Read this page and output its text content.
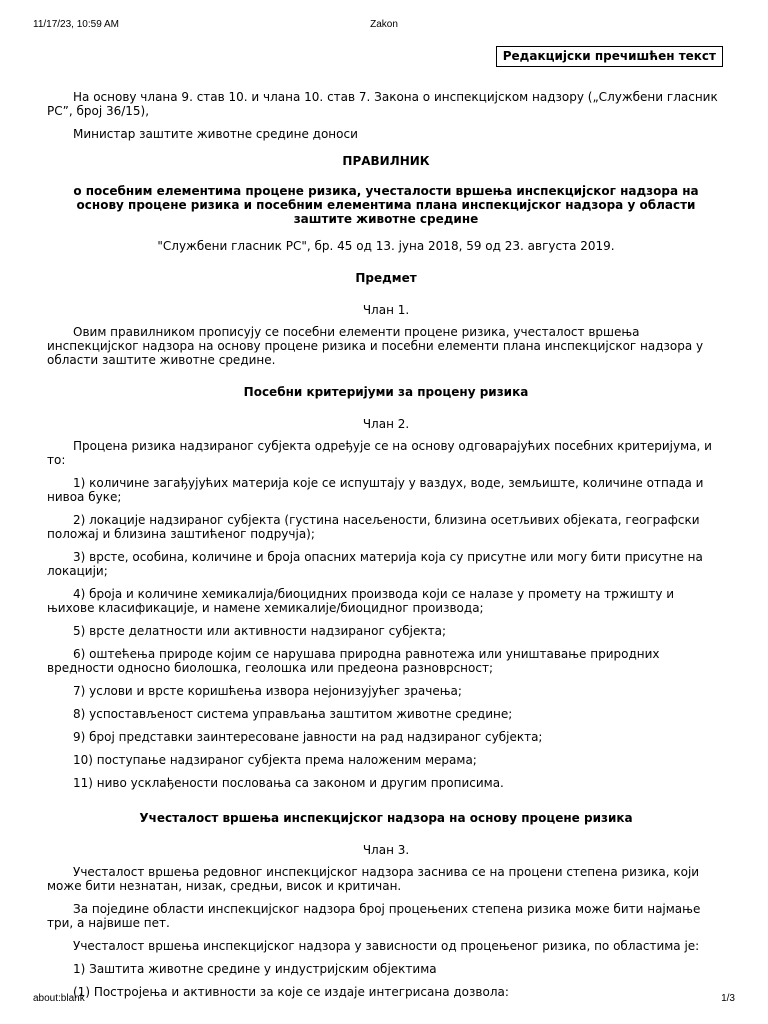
11/17/23, 10:59 AM	Zakon
Редакцијски пречишћен текст

На основу члана 9. став 10. и члана 10. став 7. Закона о инспекцијском надзору („Службени гласник РС”, број 36/15),

Министар заштите животне средине доноси

ПРАВИЛНИК

о посебним елементима процене ризика, учесталости вршења инспекцијског надзора на основу процене ризика и посебним елементима плана инспекцијског надзора у области заштите животне средине

"Службени гласник РС", бр. 45 од 13. јуна 2018, 59 од 23. августа 2019.

Предмет

Члан 1.

Овим правилником прописују се посебни елементи процене ризика, учесталост вршења инспекцијског надзора на основу процене ризика и посебни елементи плана инспекцијског надзора у области заштите животне средине.

Посебни критеријуми за процену ризика

Члан 2.

Процена ризика надзираног субјекта одређује се на основу одговарајућих посебних критеријума, и то:

1) количине загађујућих материја које се испуштају у ваздух, воде, земљиште, количине отпада и нивоа буке;

2) локације надзираног субјекта (густина насељености, близина осетљивих објеката, географски положај и близина заштићеног подручја);

3) врсте, особина, количине и броја опасних материја која су присутне или могу бити присутне на локацији;

4) броја и количине хемикалија/биоцидних производа који се налазе у промету на тржишту и њихове класификације, и намене хемикалије/биоцидног производа;

5) врсте делатности или активности надзираног субјекта;

6) оштећења природе којим се нарушава природна равнотежа или уништавање природних вредности односно биолошка, геолошка или предеона разноврсност;

7) услови и врсте коришћења извора нејонизујућег зрачења;

8) успостављеност система управљања заштитом животне средине;

9) број представки заинтересоване јавности на рад надзираног субјекта;

10) поступање надзираног субјекта према наложеним мерама;

11) ниво усклађености пословања са законом и другим прописима.

Учесталост вршења инспекцијског надзора на основу процене ризика

Члан 3.

Учесталост вршења редовног инспекцијског надзора заснива се на процени степена ризика, који може бити незнатан, низак, средњи, висок и критичан.

За поједине области инспекцијског надзора број процењених степена ризика може бити најмање три, а највише пет.

Учесталост вршења инспекцијског надзора у зависности од процењеног ризика, по областима је:

1) Заштита животне средине у индустријским објектима

(1) Постројења и активности за које се издаје интегрисана дозвола:

about:blank	1/3
